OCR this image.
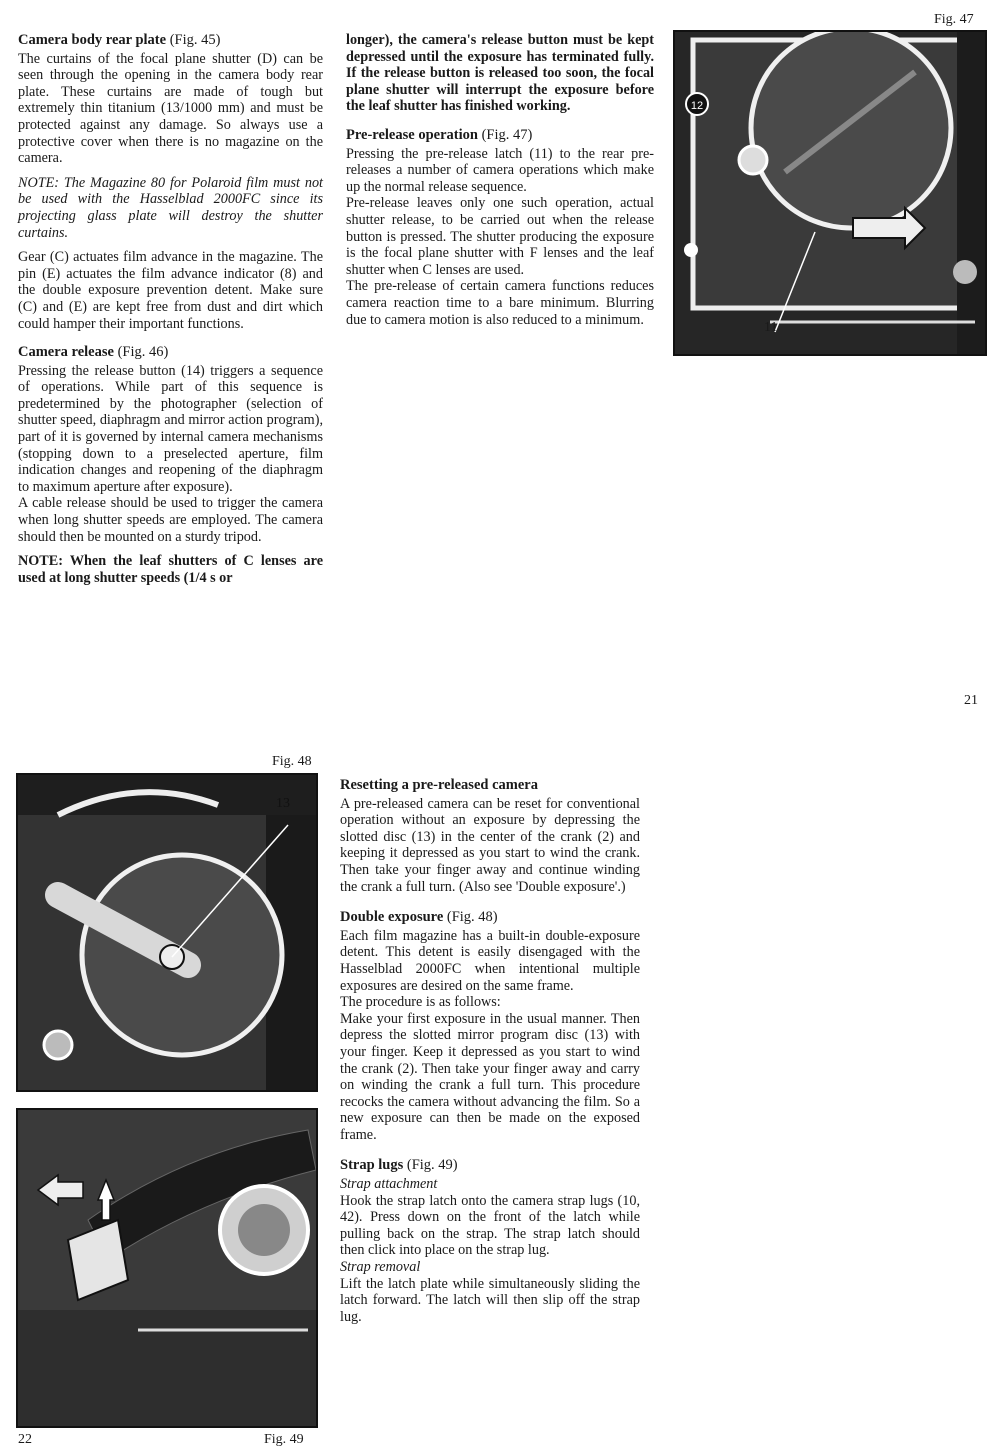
Camera body rear plate (Fig. 45)

The curtains of the focal plane shutter (D) can be seen through the opening in the camera body rear plate. These curtains are made of tough but extremely thin titanium (13/1000 mm) and must be protected against any damage. So always use a protective cover when there is no magazine on the camera.

NOTE: The Magazine 80 for Polaroid film must not be used with the Hasselblad 2000FC since its projecting glass plate will destroy the shutter curtains.

Gear (C) actuates film advance in the magazine. The pin (E) actuates the film advance indicator (8) and the double exposure prevention detent. Make sure (C) and (E) are kept free from dust and dirt which could hamper their important functions.

Camera release (Fig. 46)

Pressing the release button (14) triggers a sequence of operations. While part of this sequence is predetermined by the photographer (selection of shutter speed, diaphragm and mirror action program), part of it is governed by internal camera mechanisms (stopping down to a preselected aperture, film indication changes and reopening of the diaphragm to maximum aperture after exposure).

A cable release should be used to trigger the camera when long shutter speeds are employed. The camera should then be mounted on a sturdy tripod.

NOTE: When the leaf shutters of C lenses are used at long shutter speeds (1/4 s or

longer), the camera's release button must be kept depressed until the exposure has terminated fully. If the release button is released too soon, the focal plane shutter will interrupt the exposure before the leaf shutter has finished working.

Pre-release operation (Fig. 47)

Pressing the pre-release latch (11) to the rear pre-releases a number of camera operations which make up the normal release sequence.

Pre-release leaves only one such operation, actual shutter release, to be carried out when the release button is pressed. The shutter producing the exposure is the focal plane shutter with F lenses and the leaf shutter when C lenses are used.

The pre-release of certain camera functions reduces camera reaction time to a bare minimum. Blurring due to camera motion is also reduced to a minimum.

Fig. 47
12
11
21
Fig. 48
13
22	Fig. 49
Resetting a pre-released camera

A pre-released camera can be reset for conventional operation without an exposure by depressing the slotted disc (13) in the center of the crank (2) and keeping it depressed as you start to wind the crank. Then take your finger away and continue winding the crank a full turn. (Also see 'Double exposure'.)

Double exposure (Fig. 48)

Each film magazine has a built-in double-exposure detent. This detent is easily disengaged with the Hasselblad 2000FC when intentional multiple exposures are desired on the same frame.

The procedure is as follows:

Make your first exposure in the usual manner. Then depress the slotted mirror program disc (13) with your finger. Keep it depressed as you start to wind the crank (2). Then take your finger away and carry on winding the crank a full turn. This procedure recocks the camera without advancing the film. So a new exposure can then be made on the exposed frame.

Strap lugs (Fig. 49)

Strap attachment

Hook the strap latch onto the camera strap lugs (10, 42). Press down on the front of the latch while pulling back on the strap. The strap latch should then click into place on the strap lug.

Strap removal

Lift the latch plate while simultaneously sliding the latch forward. The latch will then slip off the strap lug.
